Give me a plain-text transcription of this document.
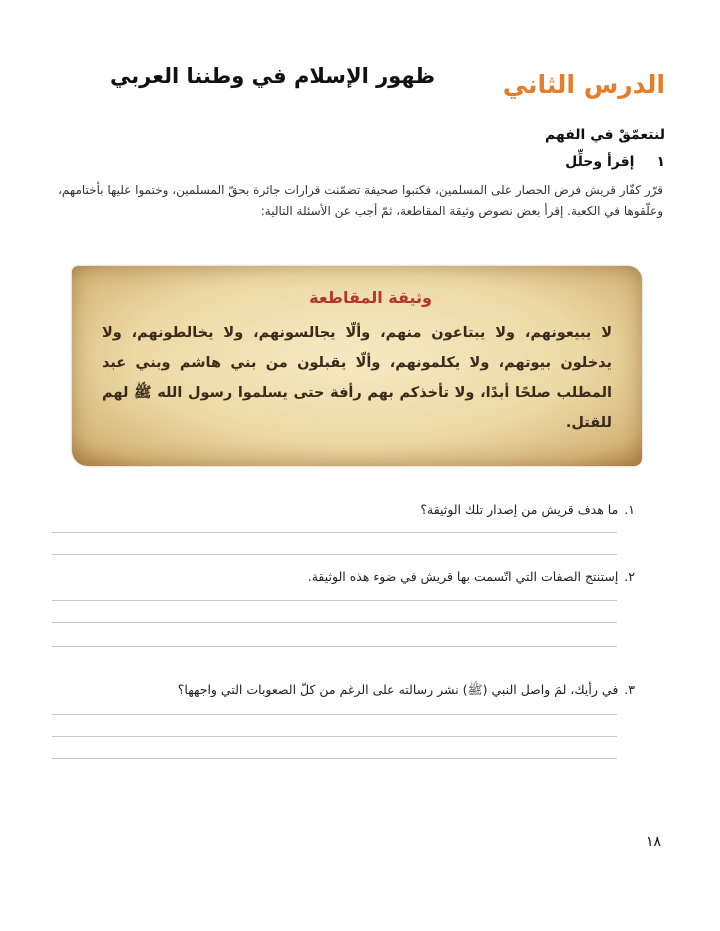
الدرس الثاني
ظهور الإسلام في وطننا العربي
لنتعمّقْ في الفهم
١
إقرأ وحلِّل
قرّر كفّار قريش فرض الحصار على المسلمين، فكتبوا صحيفة تضمّنت قرارات جائرة بحقّ المسلمين، وختموا عليها بأختامهم، وعلّقوها في الكعبة. إقرأ بعض نصوص وثيقة المقاطعة، ثمّ أجب عن الأسئلة التالية:
وثيقة المقاطعة
لا يبيعونهم، ولا يبتاعون منهم، وألّا يجالسونهم، ولا يخالطونهم، ولا يدخلون بيوتهم، ولا يكلمونهم، وألّا يقبلون من بني هاشم وبني عبد المطلب صلحًا أبدًا، ولا تأخذكم بهم رأفة حتى يسلموا رسول الله ﷺ لهم للقتل.
١.ما هدف قريش من إصدار تلك الوثيقة؟
٢.إستنتج الصفات التي اتّسمت بها قريش في ضوء هذه الوثيقة.
٣.في رأيك، لمَ واصل النبي (ﷺ) نشر رسالته على الرغم من كلّ الصعوبات التي واجهها؟
١٨
